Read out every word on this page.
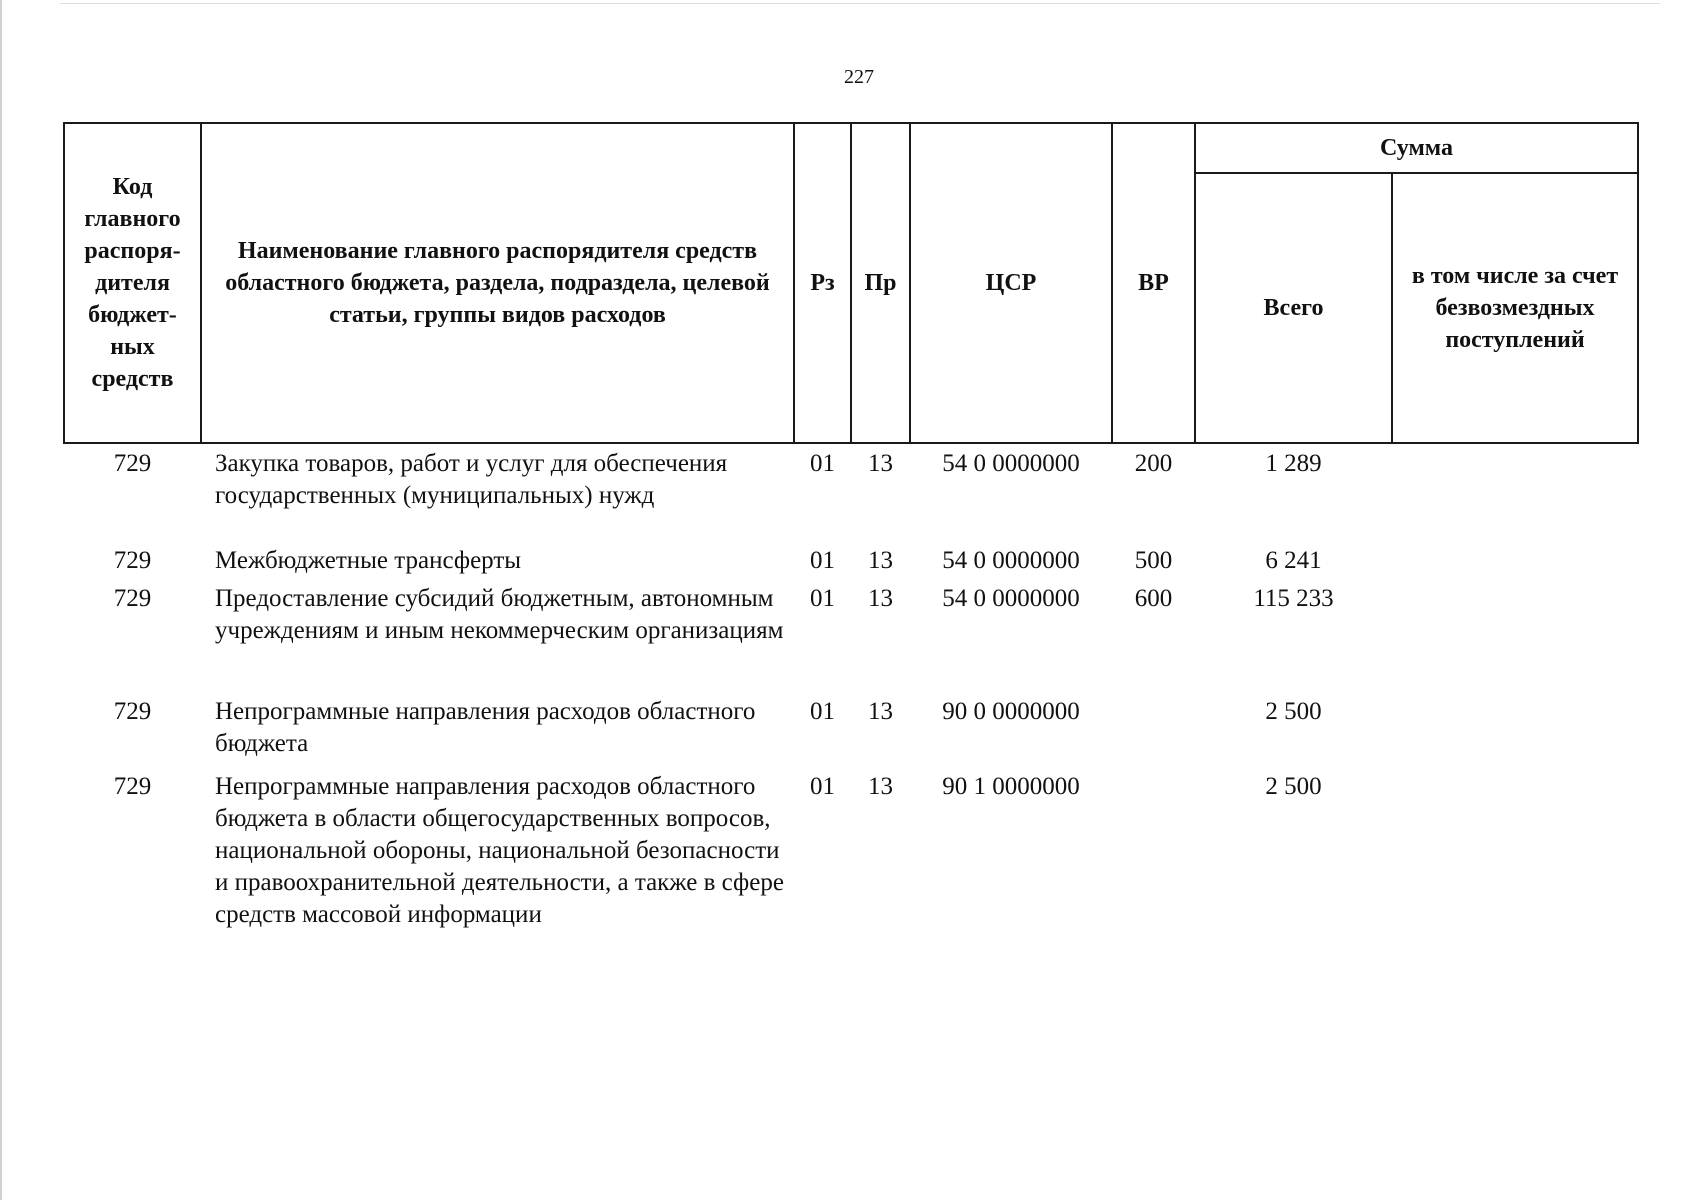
227
Код главного распоря-дителя бюджет-ных средств	Наименование главного распорядителя средств областного бюджета, раздела, подраздела, целевой статьи, группы видов расходов	Рз	Пр	ЦСР	ВР	Сумма	
						Всего	в том числе за счет безвозмездных поступлений
729	Закупка товаров, работ и услуг для обеспечения государственных (муниципальных) нужд	01	13	54 0 0000000	200	1 289	
729	Межбюджетные трансферты	01	13	54 0 0000000	500	6 241	
729	Предоставление субсидий бюджетным, автономным учреждениям и иным некоммерческим организациям	01	13	54 0 0000000	600	115 233	
729	Непрограммные направления расходов областного бюджета	01	13	90 0 0000000		2 500	
729	Непрограммные направления расходов областного бюджета в области общегосударственных вопросов, национальной обороны, национальной безопасности и правоохранительной деятельности, а также в сфере средств массовой информации	01	13	90 1 0000000		2 500	
